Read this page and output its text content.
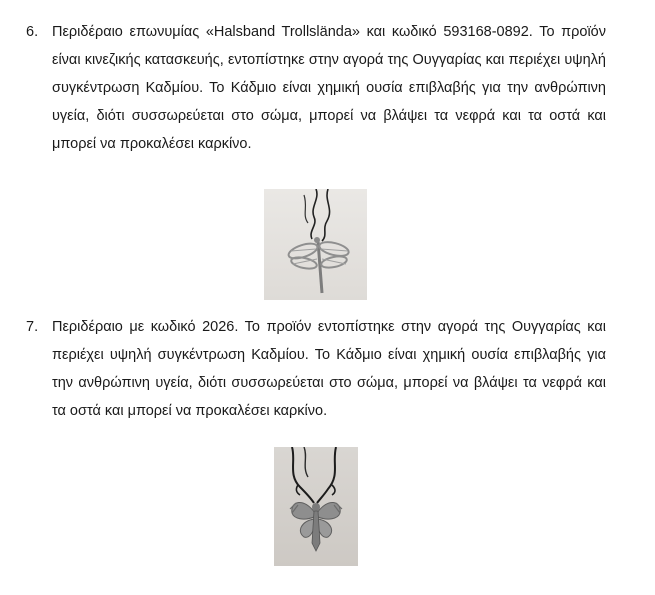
6. Περιδέραιο επωνυμίας «Halsband Trollslända» και κωδικό 593168-0892. Το προϊόν είναι κινεζικής κατασκευής, εντοπίστηκε στην αγορά της Ουγγαρίας και περιέχει υψηλή συγκέντρωση Καδμίου. Το Κάδμιο είναι χημική ουσία επιβλαβής για την ανθρώπινη υγεία, διότι συσσωρεύεται στο σώμα, μπορεί να βλάψει τα νεφρά και τα οστά και μπορεί να προκαλέσει καρκίνο.

7. Περιδέραιο με κωδικό 2026. Το προϊόν εντοπίστηκε στην αγορά της Ουγγαρίας και περιέχει υψηλή συγκέντρωση Καδμίου. Το Κάδμιο είναι χημική ουσία επιβλαβής για την ανθρώπινη υγεία, διότι συσσωρεύεται στο σώμα, μπορεί να βλάψει τα νεφρά και τα οστά και μπορεί να προκαλέσει καρκίνο.
